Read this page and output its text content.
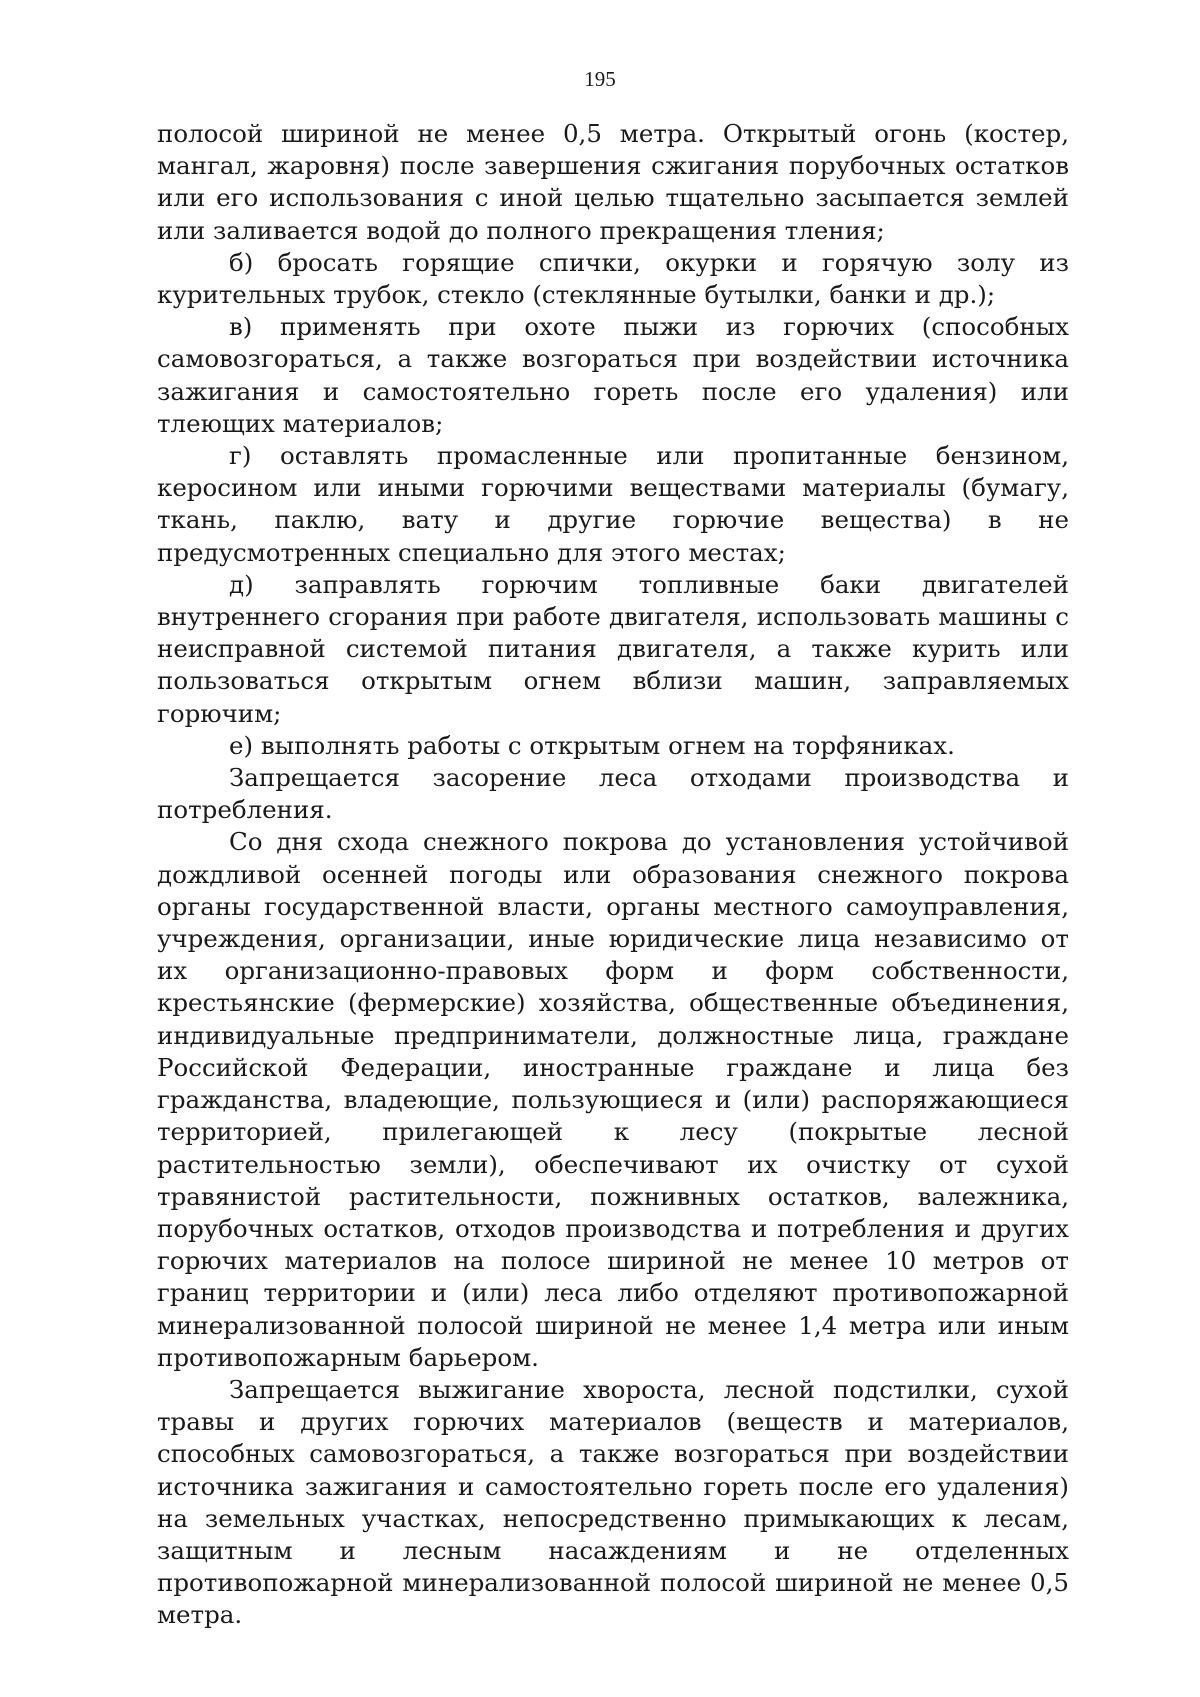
195

полосой шириной не менее 0,5 метра. Открытый огонь (костер, мангал, жаровня) после завершения сжигания порубочных остатков или его использования с иной целью тщательно засыпается землей или заливается водой до полного прекращения тления;

б) бросать горящие спички, окурки и горячую золу из курительных трубок, стекло (стеклянные бутылки, банки и др.);

в) применять при охоте пыжи из горючих (способных самовозгораться, а также возгораться при воздействии источника зажигания и самостоятельно гореть после его удаления) или тлеющих материалов;

г) оставлять промасленные или пропитанные бензином, керосином или иными горючими веществами материалы (бумагу, ткань, паклю, вату и другие горючие вещества) в не предусмотренных специально для этого местах;

д) заправлять горючим топливные баки двигателей внутреннего сгорания при работе двигателя, использовать машины с неисправной системой питания двигателя, а также курить или пользоваться открытым огнем вблизи машин, заправляемых горючим;

е) выполнять работы с открытым огнем на торфяниках.

Запрещается засорение леса отходами производства и потребления.

Со дня схода снежного покрова до установления устойчивой дождливой осенней погоды или образования снежного покрова органы государственной власти, органы местного самоуправления, учреждения, организации, иные юридические лица независимо от их организационно-правовых форм и форм собственности, крестьянские (фермерские) хозяйства, общественные объединения, индивидуальные предприниматели, должностные лица, граждане Российской Федерации, иностранные граждане и лица без гражданства, владеющие, пользующиеся и (или) распоряжающиеся территорией, прилегающей к лесу (покрытые лесной растительностью земли), обеспечивают их очистку от сухой травянистой растительности, пожнивных остатков, валежника, порубочных остатков, отходов производства и потребления и других горючих материалов на полосе шириной не менее 10 метров от границ территории и (или) леса либо отделяют противопожарной минерализованной полосой шириной не менее 1,4 метра или иным противопожарным барьером.

Запрещается выжигание хвороста, лесной подстилки, сухой травы и других горючих материалов (веществ и материалов, способных самовозгораться, а также возгораться при воздействии источника зажигания и самостоятельно гореть после его удаления) на земельных участках, непосредственно примыкающих к лесам, защитным и лесным насаждениям и не отделенных противопожарной минерализованной полосой шириной не менее 0,5 метра.
